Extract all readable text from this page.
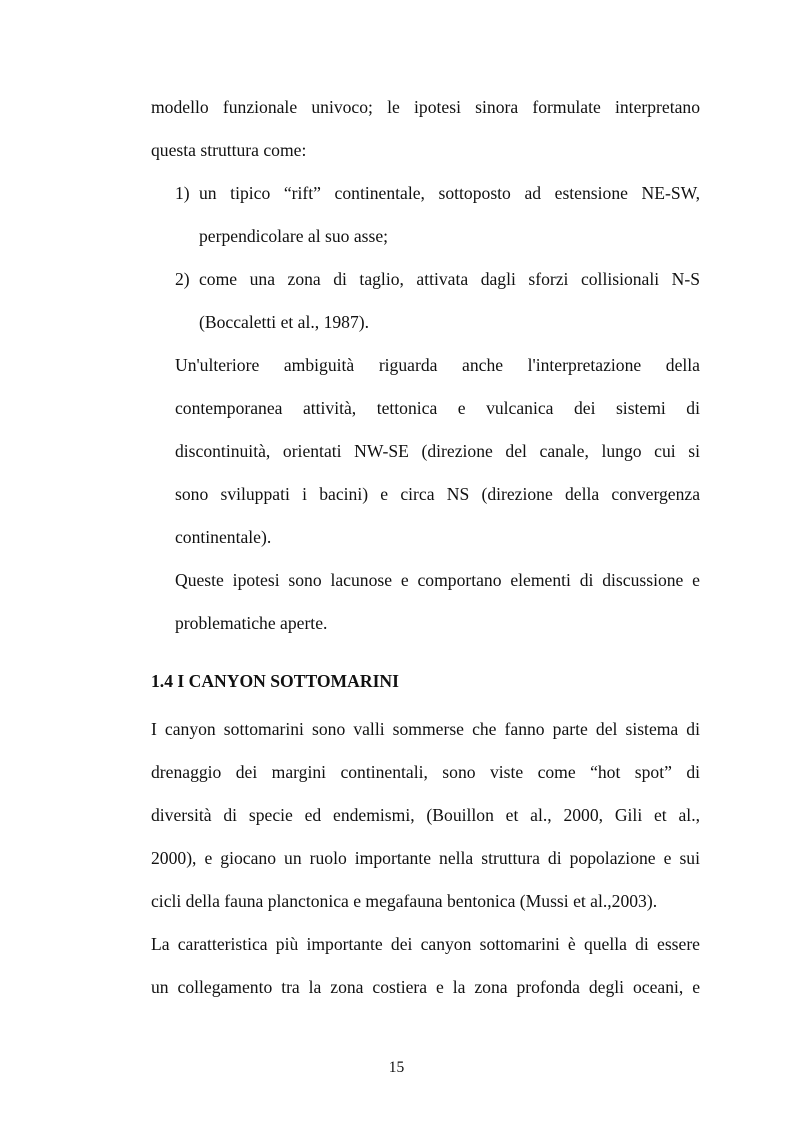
modello funzionale univoco; le ipotesi sinora formulate interpretano
questa struttura come:
1) un tipico “rift” continentale, sottoposto ad estensione NE-SW,
perpendicolare al suo asse;
2) come una zona di taglio, attivata dagli sforzi collisionali N-S
(Boccaletti et al., 1987).
Un'ulteriore ambiguità riguarda anche l'interpretazione della
contemporanea attività, tettonica e vulcanica dei sistemi di
discontinuità, orientati NW-SE (direzione del canale, lungo cui si
sono sviluppati i bacini) e circa NS (direzione della convergenza
continentale).
Queste ipotesi sono lacunose e comportano elementi di discussione e
problematiche aperte.
1.4 I CANYON SOTTOMARINI
I canyon sottomarini sono valli sommerse che fanno parte del sistema di
drenaggio dei margini continentali, sono viste come “hot spot” di
diversità di specie ed endemismi, (Bouillon et al., 2000, Gili et al.,
2000), e giocano un ruolo importante nella struttura di popolazione e sui
cicli della fauna planctonica e megafauna bentonica (Mussi et al.,2003).
La caratteristica più importante dei canyon sottomarini è quella di essere
un collegamento tra la zona costiera e la zona profonda degli oceani, e
15
